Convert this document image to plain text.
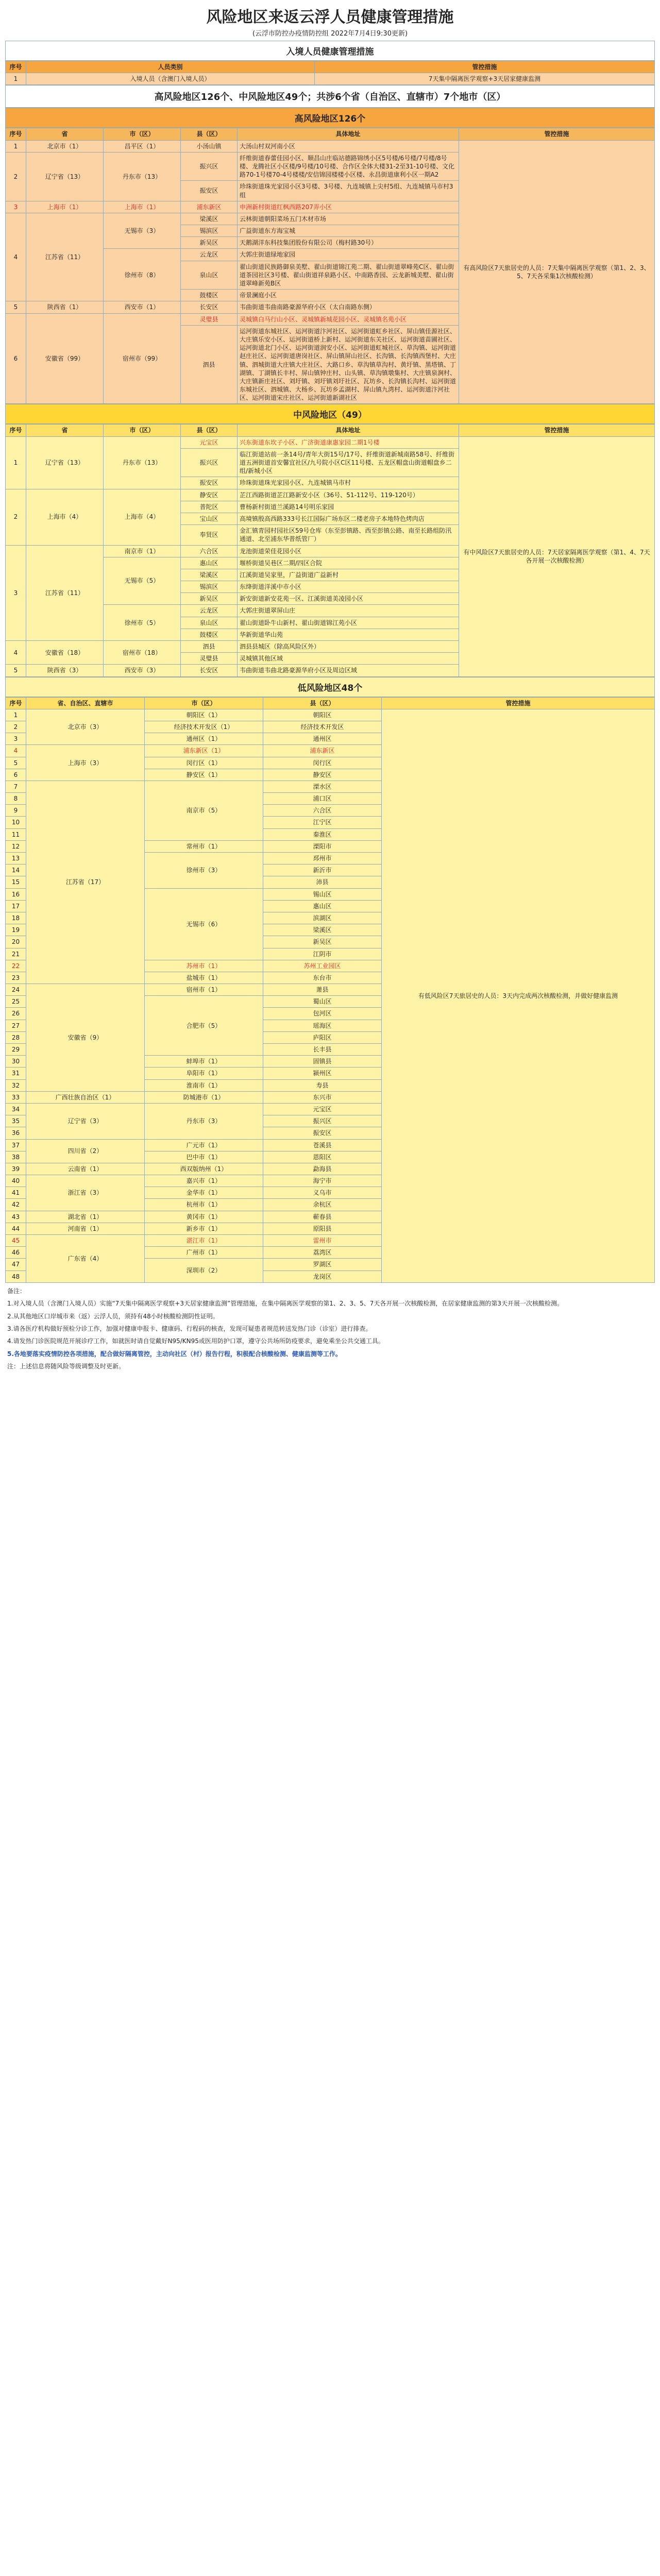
风险地区来返云浮人员健康管理措施
(云浮市防控办疫情防控组 2022年7月4日9:30更新)
入境人员健康管理措施
序号	人员类别	管控措施
1	入境人员（含澳门入境人员）	7天集中隔离医学观察+3天居家健康监测
高风险地区126个、中风险地区49个；共涉6个省（自治区、直辖市）7个地市（区）
高风险地区126个
序号	省	市（区）	县（区）	具体地址	管控措施
1	北京市（1）	昌平区（1）	小汤山镇	大汤山村双河南小区	有高风险区7天旅居史的人员：7天集中隔离医学观察（第1、2、3、5、7天各采集1次核酸检测）
2	辽宁省（13）	丹东市（13）	振兴区	纤维街道春蕾佳园小区、顺昌山庄临站德路锦绣小区5号楼/6号楼/7号楼/8号楼、龙腾社区小区楼/9号楼/10号楼、合作区全体大楼31-2至31-10号楼、文化路70-1号楼70-4号楼楼/安信锦园楼楼小区楼、永昌街道康利小区一期A2	
			振安区	珍珠街道珠光家园小区3号楼、3号楼、九连城镇上尖村5组、九连城镇马市村3组	
3	上海市（1）	上海市（1）	浦东新区	申洲新村街道红枫西路207弄小区	
4	江苏省（11）	无锡市（3）	梁溪区	云林街道朝阳菜场五门木材市场	
			锡滨区	广益街道东方海宝城	
			新吴区	天鹅湖洋东科技集团股份有限公司（梅村路30号）	
		徐州市（8）	云龙区	大郭庄街道绿地家园	
			泉山区	翟山街道民族路御泉美墅、翟山街道锦江苑二期、翟山街道翠峰苑C区、翟山街道茶园社区3号楼、翟山街道祥泉路小区、中南路香园、云龙新城美墅、翟山街道翠峰新苑B区	
			鼓楼区	帝景澜庭小区	
5	陕西省（1）	西安市（1）	长安区	韦曲街道韦曲南路豪源华府小区（太白南路东侧）	
6	安徽省（99）	宿州市（99）	灵璧县	灵城镇白马行山小区、灵城镇新城花园小区、灵城镇名苑小区	
			泗县	运河街道东城社区、运河街道汴河社区、运河街道虹乡社区、屏山镇佳源社区、大庄镇乐安小区、运河街道桥上新村、运河街道东关社区、运河街道苗圃社区、运河街道北门小区、运河街道润安小区、运河街道虹城社区、草沟镇、运河街道赵庄社区、运河街道唐岗社区、屏山镇屏山社区、长沟镇、长沟镇西堡村、大庄镇、泗城街道大庄镇大庄社区、大路口乡、草沟镇草沟村、黄圩镇、黑塔镇、丁湖镇、丁湖镇长丰村、屏山镇钟庄村、山头镇、草沟镇墩集村、大庄镇泉涧村、大庄镇新庄社区、刘圩镇、刘圩镇刘圩社区、瓦坊乡、长沟镇长沟村、运河街道东城社区、泗城镇、大杨乡、瓦坊乡孟湖村、屏山镇九湾村、运河街道汴河社区、运河街道宋庄社区、运河街道新湖社区	
中风险地区（49）
序号	省	市（区）	县（区）	具体地址	管控措施
1	辽宁省（13）	丹东市（13）	元宝区	兴东街道东坎子小区、广济街道康惠家园二期1号楼	有中风险区7天旅居史的人员：7天居家隔离医学观察（第1、4、7天各开展一次核酸检测）
			振兴区	临江街道站前一条14号/青年大街15号/17号、纤维街道新城南路58号、纤维街道五洲街道首安馨宜社区/九号院小区C区11号楼、五龙区帽盘山街道帽盘乡二组/新城小区	
			振安区	珍珠街道珠光家园小区、九连城镇马市村	
2	上海市（4）	上海市（4）	静安区	芷江西路街道芷江路新安小区（36号、51-112号、119-120号）	
			普陀区	曹杨新村街道兰溪路14号明乐家园	
			宝山区	高境镇殷高西路333号长江国际广场东区二楼老房子本地特色烤肉店	
			奉贤区	金汇镇青园村园社区59号仓库（东至彭镇路、西至彭镇公路、南至长路组防汛通道、北至浦东华普纸管厂）	
3	江苏省（11）	南京市（1）	六合区	龙池街道荣佳花园小区	
		无锡市（5）	惠山区	堰桥街道吴巷区二期/四区合院	
			梁溪区	江溪街道吴家里，广益街道广益新村	
			锡滨区	东绛街道洋溪中市小区	
			新吴区	新安街道新安花苑一区、江溪街道美凌园小区	
		徐州市（5）	云龙区	大郭庄街道翠屏山庄	
			泉山区	翟山街道卧牛山新村、翟山街道锦江苑小区	
			鼓楼区	华新街道华山苑	
4	安徽省（18）	宿州市（18）	泗县	泗县县城区（除高风险区外）	
			灵璧县	灵城镇其他区域	
5	陕西省（3）	西安市（3）	长安区	韦曲街道韦曲北路豪源华府小区及周边区域	
低风险地区48个
序号	省、自治区、直辖市	市（区）	县（区）	管控措施
1	北京市（3）	朝阳区（1）	朝阳区	有低风险区7天旅居史的人员：3天内完成两次核酸检测，并做好健康监测
2		经济技术开发区（1）	经济技术开发区	
3		通州区（1）	通州区	
4	上海市（3）	浦东新区（1）	浦东新区	
5		闵行区（1）	闵行区	
6		静安区（1）	静安区	
7	江苏省（17）	南京市（5）	溧水区	
8			浦口区	
9			六合区	
10			江宁区	
11			秦淮区	
12		常州市（1）	溧阳市	
13		徐州市（3）	邳州市	
14			新沂市	
15			沛县	
16		无锡市（6）	锡山区	
17			惠山区	
18			滨湖区	
19			梁溪区	
20			新吴区	
21			江阴市	
22		苏州市（1）	苏州工业园区	
23		盐城市（1）	东台市	
24	安徽省（9）	宿州市（1）	萧县	
25		合肥市（5）	蜀山区	
26			包河区	
27			瑶海区	
28			庐阳区	
29			长丰县	
30		蚌埠市（1）	固镇县	
31		阜阳市（1）	颍州区	
32		淮南市（1）	寿县	
33	广西壮族自治区（1）	防城港市（1）	东兴市	
34	辽宁省（3）	丹东市（3）	元宝区	
35			振兴区	
36			振安区	
37	四川省（2）	广元市（1）	苍溪县	
38		巴中市（1）	恩阳区	
39	云南省（1）	西双版纳州（1）	勐海县	
40	浙江省（3）	嘉兴市（1）	海宁市	
41		金华市（1）	义乌市	
42		杭州市（1）	余杭区	
43	湖北省（1）	黄冈市（1）	蕲春县	
44	河南省（1）	新乡市（1）	原阳县	
45	广东省（4）	湛江市（1）	雷州市	
46		广州市（1）	荔湾区	
47		深圳市（2）	罗湖区	
48			龙岗区	
备注：

1.对入境人员（含澳门入境人员）实施“7天集中隔离医学观察+3天居家健康监测”管理措施，在集中隔离医学观察的第1、2、3、5、7天各开展一次核酸检测，在居家健康监测的第3天开展一次核酸检测。

2.从其他地区口岸城市来（返）云浮人员，须持有48小时核酸检测阴性证明。

3.请各医疗机构做好预检分诊工作，加强对健康申报卡、健康码、行程码的核查，发现可疑患者规范转送发热门诊（诊室）进行排查。

4.请发热门诊医院规范开展诊疗工作，如就医时请自觉戴好N95/KN95或医用防护口罩，遵守公共场所防疫要求，避免乘坐公共交通工具。

5.各地要落实疫情防控各项措施，配合做好隔离管控，主动向社区（村）报告行程，积极配合核酸检测、健康监测等工作。

注：上述信息将随风险等级调整及时更新。
